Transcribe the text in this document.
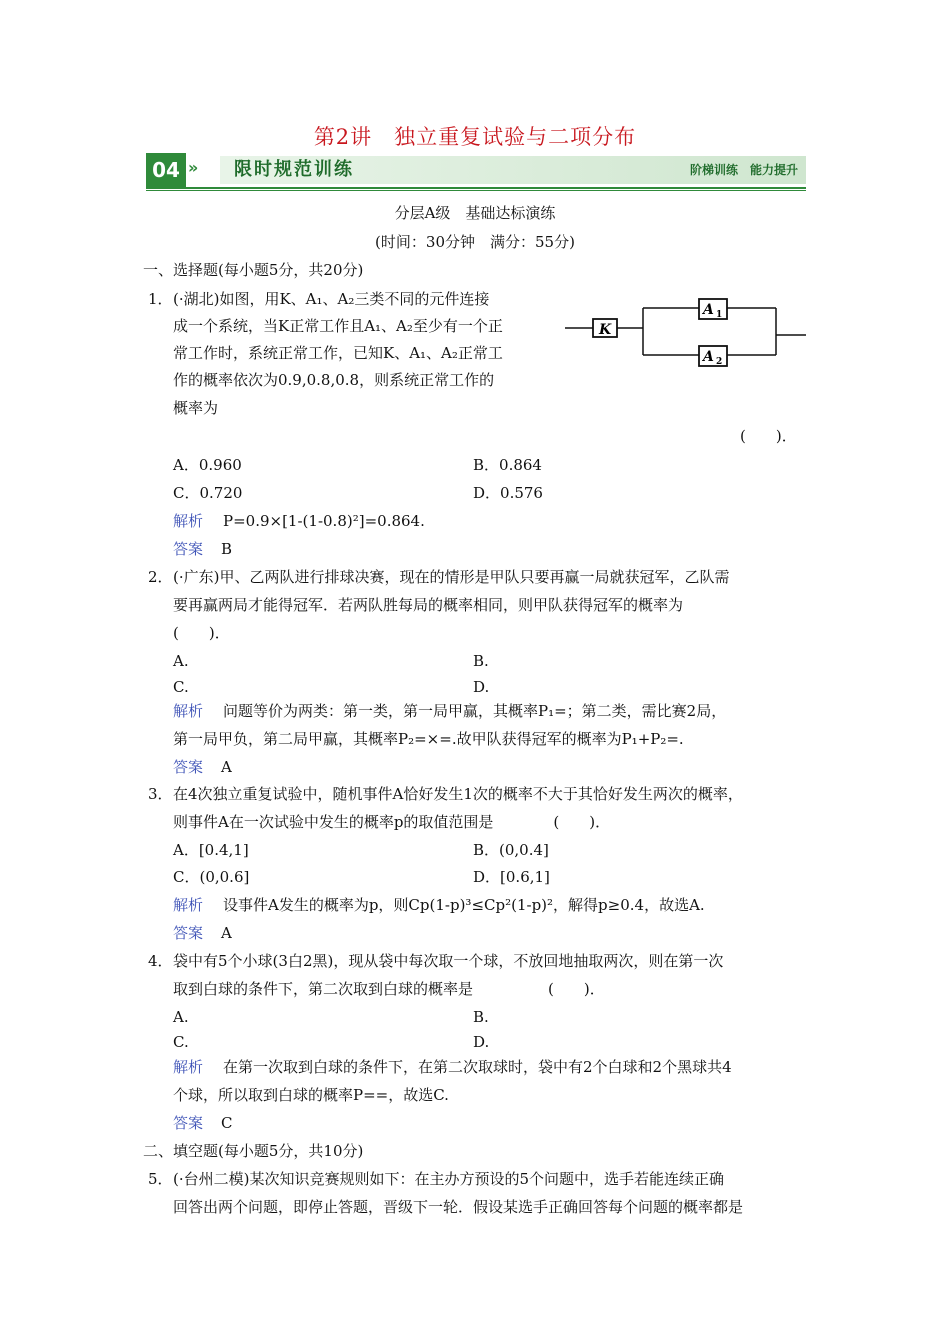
第2讲　独立重复试验与二项分布
04 » 限时规范训练	阶梯训练　能力提升
分层A级　基础达标演练
(时间：30分钟　满分：55分)
一、选择题(每小题5分，共20分)
1． (·湖北)如图，用K、A₁、A₂三类不同的元件连接
成一个系统，当K正常工作且A₁、A₂至少有一个正
常工作时，系统正常工作，已知K、A₁、A₂正常工
作的概率依次为0.9,0.8,0.8，则系统正常工作的
概率为
(　　)．
K
A 1
A 2
A．0.960	B．0.864
C．0.720	D．0.576
解析 P=0.9×[1-(1-0.8)²]=0.864.
答案 B
2． (·广东)甲、乙两队进行排球决赛，现在的情形是甲队只要再赢一局就获冠军，乙队需
要再赢两局才能得冠军．若两队胜每局的概率相同，则甲队获得冠军的概率为
(　　)．
A.	B.
C.	D.
解析 问题等价为两类：第一类，第一局甲赢，其概率P₁=；第二类，需比赛2局，
第一局甲负，第二局甲赢，其概率P₂=×=.故甲队获得冠军的概率为P₁+P₂=.
答案 A
3． 在4次独立重复试验中，随机事件A恰好发生1次的概率不大于其恰好发生两次的概率，
则事件A在一次试验中发生的概率p的取值范围是　　　　(　　)．
A．[0.4,1]	B．(0,0.4]
C．(0,0.6]	D．[0.6,1]
解析 设事件A发生的概率为p，则Cp(1-p)³≤Cp²(1-p)²，解得p≥0.4，故选A.
答案 A
4． 袋中有5个小球(3白2黑)，现从袋中每次取一个球，不放回地抽取两次，则在第一次
取到白球的条件下，第二次取到白球的概率是　　　　　(　　)．
A.	B.
C.	D.
解析 在第一次取到白球的条件下，在第二次取球时，袋中有2个白球和2个黑球共4
个球，所以取到白球的概率P==，故选C.
答案 C
二、填空题(每小题5分，共10分)
5． (·台州二模)某次知识竞赛规则如下：在主办方预设的5个问题中，选手若能连续正确
回答出两个问题，即停止答题，晋级下一轮．假设某选手正确回答每个问题的概率都是
